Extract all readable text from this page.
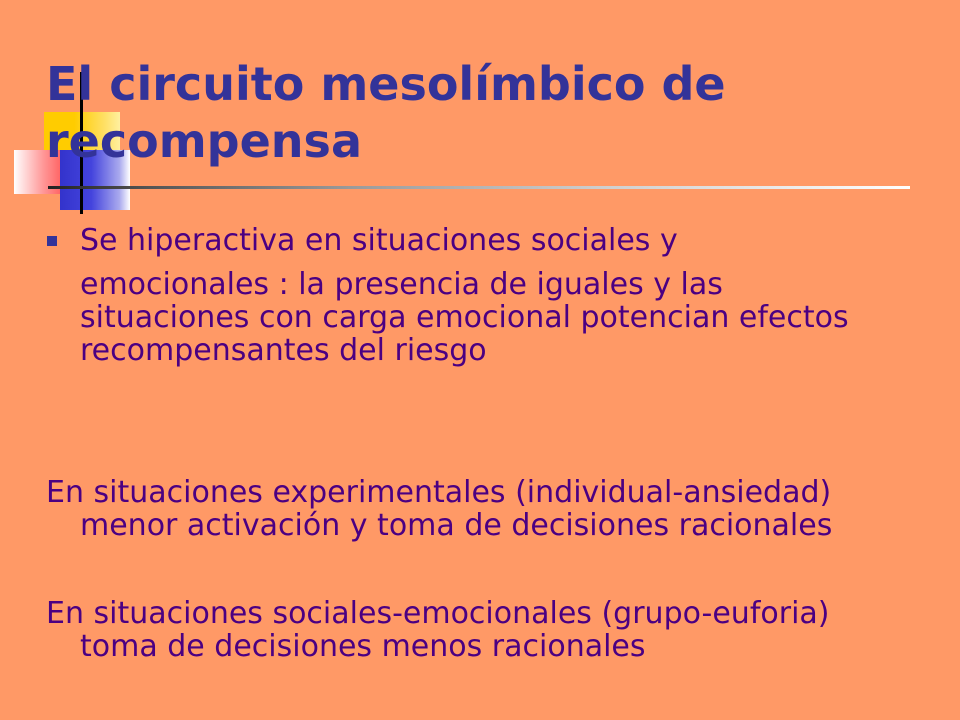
El circuito mesolímbico de recompensa

Se hiperactiva en situaciones sociales y

emocionales : la presencia de iguales y las
situaciones con carga emocional potencian efectos
recompensantes del riesgo

En situaciones experimentales (individual-ansiedad)
menor activación y toma de decisiones racionales

En situaciones sociales-emocionales (grupo-euforia)
toma de decisiones menos racionales
